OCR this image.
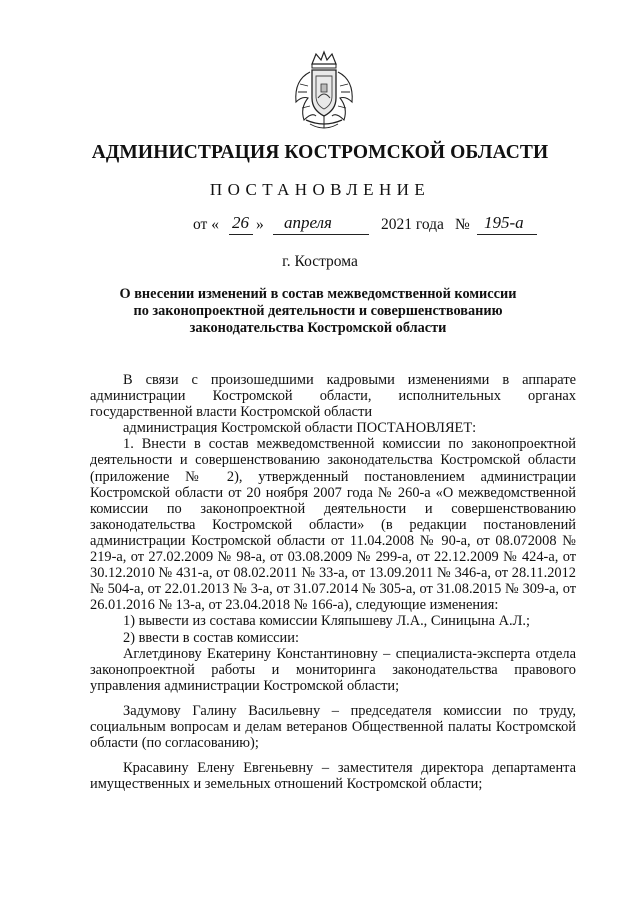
АДМИНИСТРАЦИЯ КОСТРОМСКОЙ ОБЛАСТИ
ПОСТАНОВЛЕНИЕ
от « 26 » апреля	2021 года № 195-а
г. Кострома
О внесении изменений в состав межведомственной комиссии
по законопроектной деятельности и совершенствованию
законодательства Костромской области

В связи с произошедшими кадровыми изменениями в аппарате администрации Костромской области, исполнительных органах государственной власти Костромской области

администрация Костромской области ПОСТАНОВЛЯЕТ:

1. Внести в состав межведомственной комиссии по законопроектной деятельности и совершенствованию законодательства Костромской области (приложение № 2), утвержденный постановлением администрации Костромской области от 20 ноября 2007 года № 260-а «О межведомственной комиссии по законопроектной деятельности и совершенствованию законодательства Костромской области» (в редакции постановлений администрации Костромской области от 11.04.2008 № 90-а, от 08.072008 № 219-а, от 27.02.2009 № 98-а, от 03.08.2009 № 299-а, от 22.12.2009 № 424-а, от 30.12.2010 № 431-а, от 08.02.2011 № 33-а, от 13.09.2011 № 346-а, от 28.11.2012 № 504-а, от 22.01.2013 № 3-а, от 31.07.2014 № 305-а, от 31.08.2015 № 309-а, от 26.01.2016 № 13-а, от 23.04.2018 № 166-а), следующие изменения:

1) вывести из состава комиссии Кляпышеву Л.А., Синицына А.Л.;

2) ввести в состав комиссии:

Аглетдинову Екатерину Константиновну – специалиста-эксперта отдела законопроектной работы и мониторинга законодательства правового управления администрации Костромской области;

Задумову Галину Васильевну – председателя комиссии по труду, социальным вопросам и делам ветеранов Общественной палаты Костромской области (по согласованию);

Красавину Елену Евгеньевну – заместителя директора департамента имущественных и земельных отношений Костромской области;
